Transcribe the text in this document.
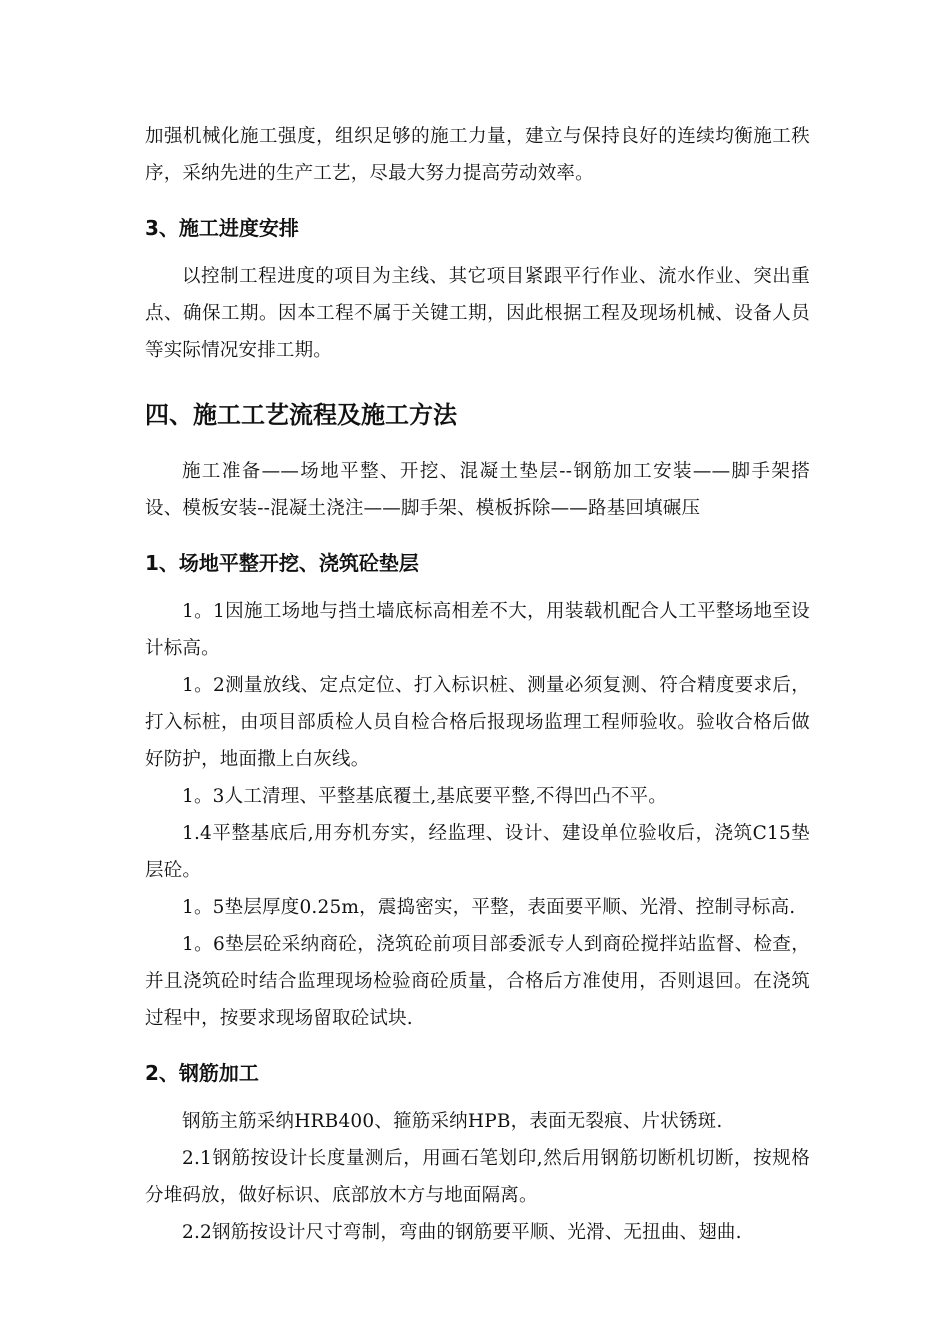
加强机械化施工强度，组织足够的施工力量，建立与保持良好的连续均衡施工秩序，采纳先进的生产工艺，尽最大努力提高劳动效率。

3、施工进度安排

以控制工程进度的项目为主线、其它项目紧跟平行作业、流水作业、突出重点、确保工期。因本工程不属于关键工期，因此根据工程及现场机械、设备人员等实际情况安排工期。

四、施工工艺流程及施工方法

施工准备——场地平整、开挖、混凝土垫层--钢筋加工安装——脚手架搭设、模板安装--混凝土浇注——脚手架、模板拆除——路基回填碾压

1、场地平整开挖、浇筑砼垫层

1。1因施工场地与挡土墙底标高相差不大，用装载机配合人工平整场地至设计标高。

1。2测量放线、定点定位、打入标识桩、测量必须复测、符合精度要求后，打入标桩，由项目部质检人员自检合格后报现场监理工程师验收。验收合格后做好防护，地面撒上白灰线。

1。3人工清理、平整基底覆土,基底要平整,不得凹凸不平。

1.4平整基底后,用夯机夯实，经监理、设计、建设单位验收后，浇筑C15垫层砼。

1。5垫层厚度0.25m，震捣密实，平整，表面要平顺、光滑、控制寻标高.

1。6垫层砼采纳商砼，浇筑砼前项目部委派专人到商砼搅拌站监督、检查，并且浇筑砼时结合监理现场检验商砼质量，合格后方准使用，否则退回。在浇筑过程中，按要求现场留取砼试块.

2、钢筋加工

钢筋主筋采纳HRB400、箍筋采纳HPB，表面无裂痕、片状锈斑.

2.1钢筋按设计长度量测后，用画石笔划印,然后用钢筋切断机切断，按规格分堆码放，做好标识、底部放木方与地面隔离。

2.2钢筋按设计尺寸弯制，弯曲的钢筋要平顺、光滑、无扭曲、翅曲.
